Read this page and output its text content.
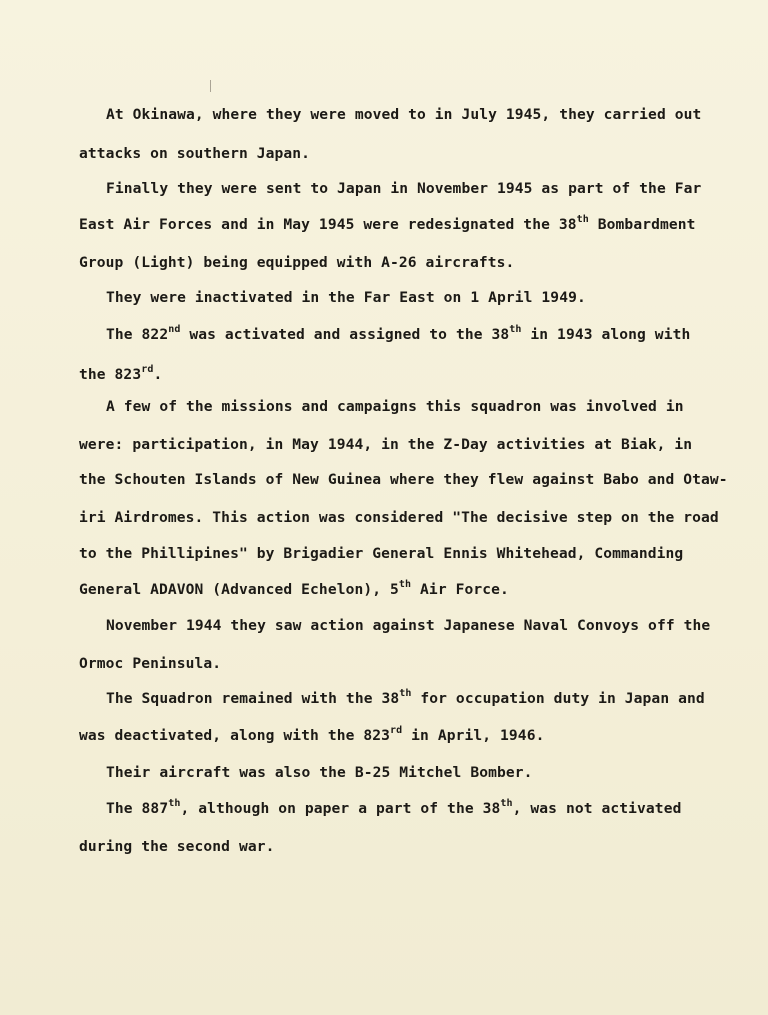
At Okinawa, where they were moved to in July 1945, they carried out
attacks on southern Japan.
Finally they were sent to Japan in November 1945 as part of the Far
East Air Forces and in May 1945 were redesignated the 38th Bombardment
Group (Light) being equipped with A-26 aircrafts.
They were inactivated in the Far East on 1 April 1949.
The 822nd was activated and assigned to the 38th in 1943 along with
the 823rd.
A few of the missions and campaigns this squadron was involved in
were: participation, in May 1944, in the Z-Day activities at Biak, in
the Schouten Islands of New Guinea where they flew against Babo and Otaw-
iri Airdromes. This action was considered "The decisive step on the road
to the Phillipines" by Brigadier General Ennis Whitehead, Commanding
General ADAVON (Advanced Echelon), 5th Air Force.
November 1944 they saw action against Japanese Naval Convoys off the
Ormoc Peninsula.
The Squadron remained with the 38th for occupation duty in Japan and
was deactivated, along with the 823rd in April, 1946.
Their aircraft was also the B-25 Mitchel Bomber.
The 887th, although on paper a part of the 38th, was not activated
during the second war.
